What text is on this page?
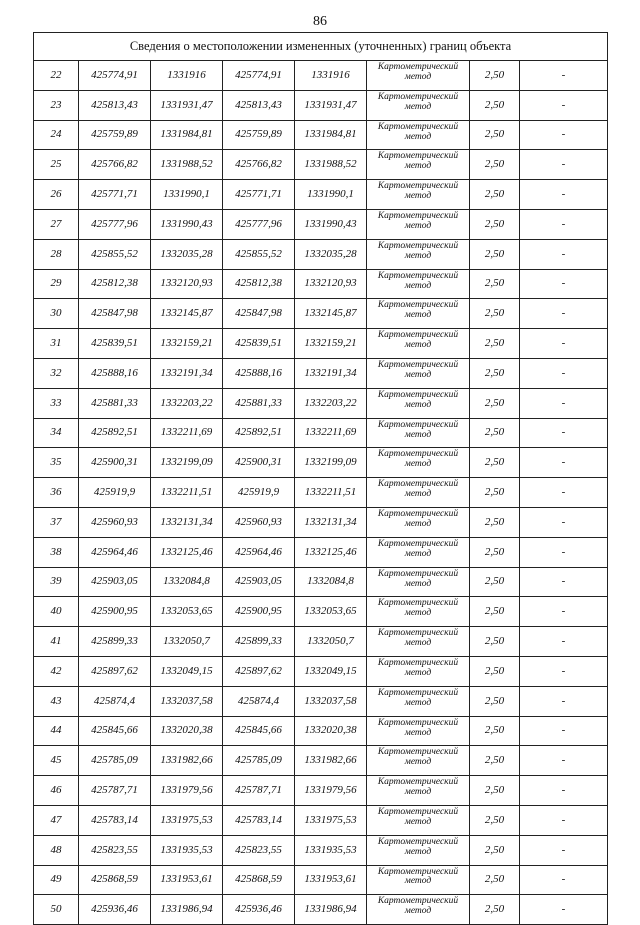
86
Сведения о местоположении измененных (уточненных) границ объекта							
22	425774,91	1331916	425774,91	1331916	Картометрический метод	2,50	-
23	425813,43	1331931,47	425813,43	1331931,47	Картометрический метод	2,50	-
24	425759,89	1331984,81	425759,89	1331984,81	Картометрический метод	2,50	-
25	425766,82	1331988,52	425766,82	1331988,52	Картометрический метод	2,50	-
26	425771,71	1331990,1	425771,71	1331990,1	Картометрический метод	2,50	-
27	425777,96	1331990,43	425777,96	1331990,43	Картометрический метод	2,50	-
28	425855,52	1332035,28	425855,52	1332035,28	Картометрический метод	2,50	-
29	425812,38	1332120,93	425812,38	1332120,93	Картометрический метод	2,50	-
30	425847,98	1332145,87	425847,98	1332145,87	Картометрический метод	2,50	-
31	425839,51	1332159,21	425839,51	1332159,21	Картометрический метод	2,50	-
32	425888,16	1332191,34	425888,16	1332191,34	Картометрический метод	2,50	-
33	425881,33	1332203,22	425881,33	1332203,22	Картометрический метод	2,50	-
34	425892,51	1332211,69	425892,51	1332211,69	Картометрический метод	2,50	-
35	425900,31	1332199,09	425900,31	1332199,09	Картометрический метод	2,50	-
36	425919,9	1332211,51	425919,9	1332211,51	Картометрический метод	2,50	-
37	425960,93	1332131,34	425960,93	1332131,34	Картометрический метод	2,50	-
38	425964,46	1332125,46	425964,46	1332125,46	Картометрический метод	2,50	-
39	425903,05	1332084,8	425903,05	1332084,8	Картометрический метод	2,50	-
40	425900,95	1332053,65	425900,95	1332053,65	Картометрический метод	2,50	-
41	425899,33	1332050,7	425899,33	1332050,7	Картометрический метод	2,50	-
42	425897,62	1332049,15	425897,62	1332049,15	Картометрический метод	2,50	-
43	425874,4	1332037,58	425874,4	1332037,58	Картометрический метод	2,50	-
44	425845,66	1332020,38	425845,66	1332020,38	Картометрический метод	2,50	-
45	425785,09	1331982,66	425785,09	1331982,66	Картометрический метод	2,50	-
46	425787,71	1331979,56	425787,71	1331979,56	Картометрический метод	2,50	-
47	425783,14	1331975,53	425783,14	1331975,53	Картометрический метод	2,50	-
48	425823,55	1331935,53	425823,55	1331935,53	Картометрический метод	2,50	-
49	425868,59	1331953,61	425868,59	1331953,61	Картометрический метод	2,50	-
50	425936,46	1331986,94	425936,46	1331986,94	Картометрический метод	2,50	-
